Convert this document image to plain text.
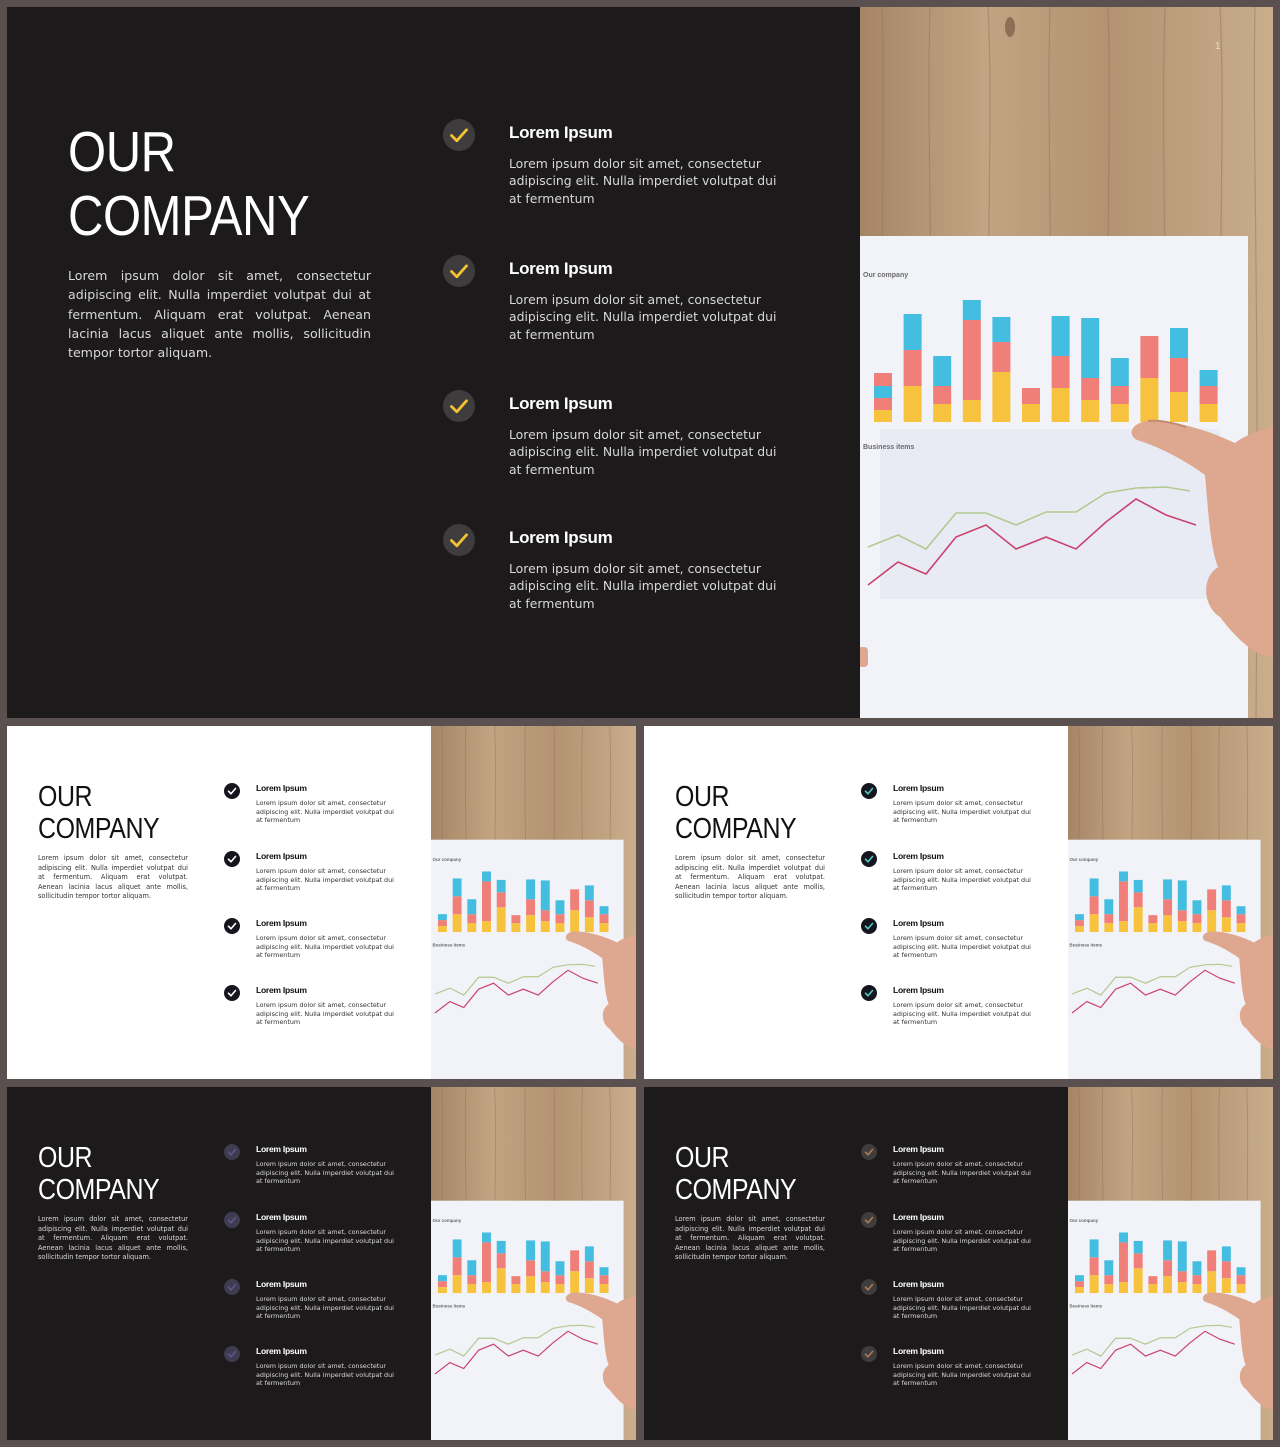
OUR
COMPANY
Lorem ipsum dolor sit amet, consectetur adipiscing elit. Nulla imperdiet volutpat dui at fermentum. Aliquam erat volutpat. Aenean lacinia lacus aliquet ante mollis, sollicitudin tempor tortor aliquam.
Lorem Ipsum
Lorem ipsum dolor sit amet, consectetur adipiscing elit. Nulla imperdiet volutpat dui at fermentum
Lorem Ipsum
Lorem ipsum dolor sit amet, consectetur adipiscing elit. Nulla imperdiet volutpat dui at fermentum
Lorem Ipsum
Lorem ipsum dolor sit amet, consectetur adipiscing elit. Nulla imperdiet volutpat dui at fermentum
Lorem Ipsum
Lorem ipsum dolor sit amet, consectetur adipiscing elit. Nulla imperdiet volutpat dui at fermentum
Our company
Business items
1
OUR
COMPANY
Lorem ipsum dolor sit amet, consectetur adipiscing elit. Nulla imperdiet volutpat dui at fermentum. Aliquam erat volutpat. Aenean lacinia lacus aliquet ante mollis, sollicitudin tempor tortor aliquam.
Lorem Ipsum
Lorem ipsum dolor sit amet, consectetur adipiscing elit. Nulla imperdiet volutpat dui at fermentum
Lorem Ipsum
Lorem ipsum dolor sit amet, consectetur adipiscing elit. Nulla imperdiet volutpat dui at fermentum
Lorem Ipsum
Lorem ipsum dolor sit amet, consectetur adipiscing elit. Nulla imperdiet volutpat dui at fermentum
Lorem Ipsum
Lorem ipsum dolor sit amet, consectetur adipiscing elit. Nulla imperdiet volutpat dui at fermentum
Our company
Business items
OUR
COMPANY
Lorem ipsum dolor sit amet, consectetur adipiscing elit. Nulla imperdiet volutpat dui at fermentum. Aliquam erat volutpat. Aenean lacinia lacus aliquet ante mollis, sollicitudin tempor tortor aliquam.
Lorem Ipsum
Lorem ipsum dolor sit amet, consectetur adipiscing elit. Nulla imperdiet volutpat dui at fermentum
Lorem Ipsum
Lorem ipsum dolor sit amet, consectetur adipiscing elit. Nulla imperdiet volutpat dui at fermentum
Lorem Ipsum
Lorem ipsum dolor sit amet, consectetur adipiscing elit. Nulla imperdiet volutpat dui at fermentum
Lorem Ipsum
Lorem ipsum dolor sit amet, consectetur adipiscing elit. Nulla imperdiet volutpat dui at fermentum
Our company
Business items
OUR
COMPANY
Lorem ipsum dolor sit amet, consectetur adipiscing elit. Nulla imperdiet volutpat dui at fermentum. Aliquam erat volutpat. Aenean lacinia lacus aliquet ante mollis, sollicitudin tempor tortor aliquam.
Lorem Ipsum
Lorem ipsum dolor sit amet, consectetur adipiscing elit. Nulla imperdiet volutpat dui at fermentum
Lorem Ipsum
Lorem ipsum dolor sit amet, consectetur adipiscing elit. Nulla imperdiet volutpat dui at fermentum
Lorem Ipsum
Lorem ipsum dolor sit amet, consectetur adipiscing elit. Nulla imperdiet volutpat dui at fermentum
Lorem Ipsum
Lorem ipsum dolor sit amet, consectetur adipiscing elit. Nulla imperdiet volutpat dui at fermentum
Our company
Business items
OUR
COMPANY
Lorem ipsum dolor sit amet, consectetur adipiscing elit. Nulla imperdiet volutpat dui at fermentum. Aliquam erat volutpat. Aenean lacinia lacus aliquet ante mollis, sollicitudin tempor tortor aliquam.
Lorem Ipsum
Lorem ipsum dolor sit amet, consectetur adipiscing elit. Nulla imperdiet volutpat dui at fermentum
Lorem Ipsum
Lorem ipsum dolor sit amet, consectetur adipiscing elit. Nulla imperdiet volutpat dui at fermentum
Lorem Ipsum
Lorem ipsum dolor sit amet, consectetur adipiscing elit. Nulla imperdiet volutpat dui at fermentum
Lorem Ipsum
Lorem ipsum dolor sit amet, consectetur adipiscing elit. Nulla imperdiet volutpat dui at fermentum
Our company
Business items
